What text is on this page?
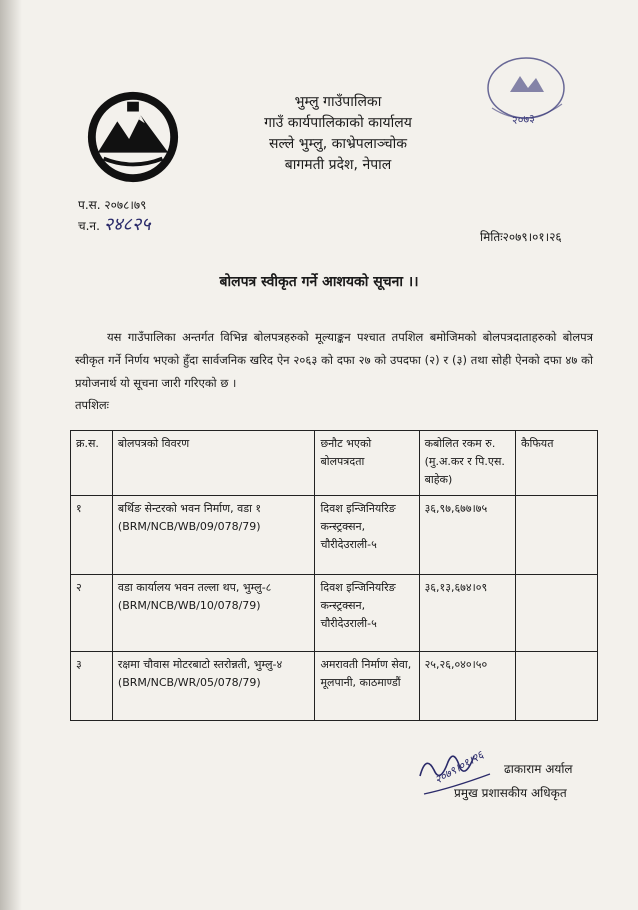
२०७३
भुम्लु गाउँपालिका
गाउँ कार्यपालिकाको कार्यालय
सल्ले भुम्लु, काभ्रेपलाञ्चोक
बागमती प्रदेश, नेपाल
प.स. २०७८।७९
च.न. २४८२५
मितिः२०७९।०१।२६
बोलपत्र स्वीकृत गर्ने आशयको सूचना ।।
यस गाउँपालिका अन्तर्गत विभिन्न बोलपत्रहरुको मूल्याङ्कन पश्चात तपशिल बमोजिमको बोलपत्रदाताहरुको बोलपत्र स्वीकृत गर्ने निर्णय भएको हुँदा सार्वजनिक खरिद ऐन २०६३ को दफा २७ को उपदफा (२) र (३) तथा सोही ऐनको दफा ४७ को प्रयोजनार्थ यो सूचना जारी गरिएको छ ।
तपशिलः
क्र.स.	बोलपत्रको विवरण	छनौट भएको बोलपत्रदता	कबोलित रकम रु. (मु.अ.कर र पि.एस. बाहेक)	कैफियत
१	बर्थिङ सेन्टरको भवन निर्माण, वडा १ (BRM/NCB/WB/09/078/79)	दिवश इन्जिनियरिङ कन्स्ट्रक्सन, चौरीदेउराली-५	३६,९७,६७७।७५	
२	वडा कार्यालय भवन तल्ला थप, भुम्लु-८ (BRM/NCB/WB/10/078/79)	दिवश इन्जिनियरिङ कन्स्ट्रक्सन, चौरीदेउराली-५	३६,१३,६७४।०९	
३	रक्षमा चौवास मोटरबाटो स्तरोन्नती, भुम्लु-४ (BRM/NCB/WR/05/078/79)	अमरावती निर्माण सेवा, मूलपानी, काठमाण्डौं	२५,२६,०४०।५०	
२०७९।०१।२६ ढाकाराम अर्याल
प्रमुख प्रशासकीय अधिकृत
